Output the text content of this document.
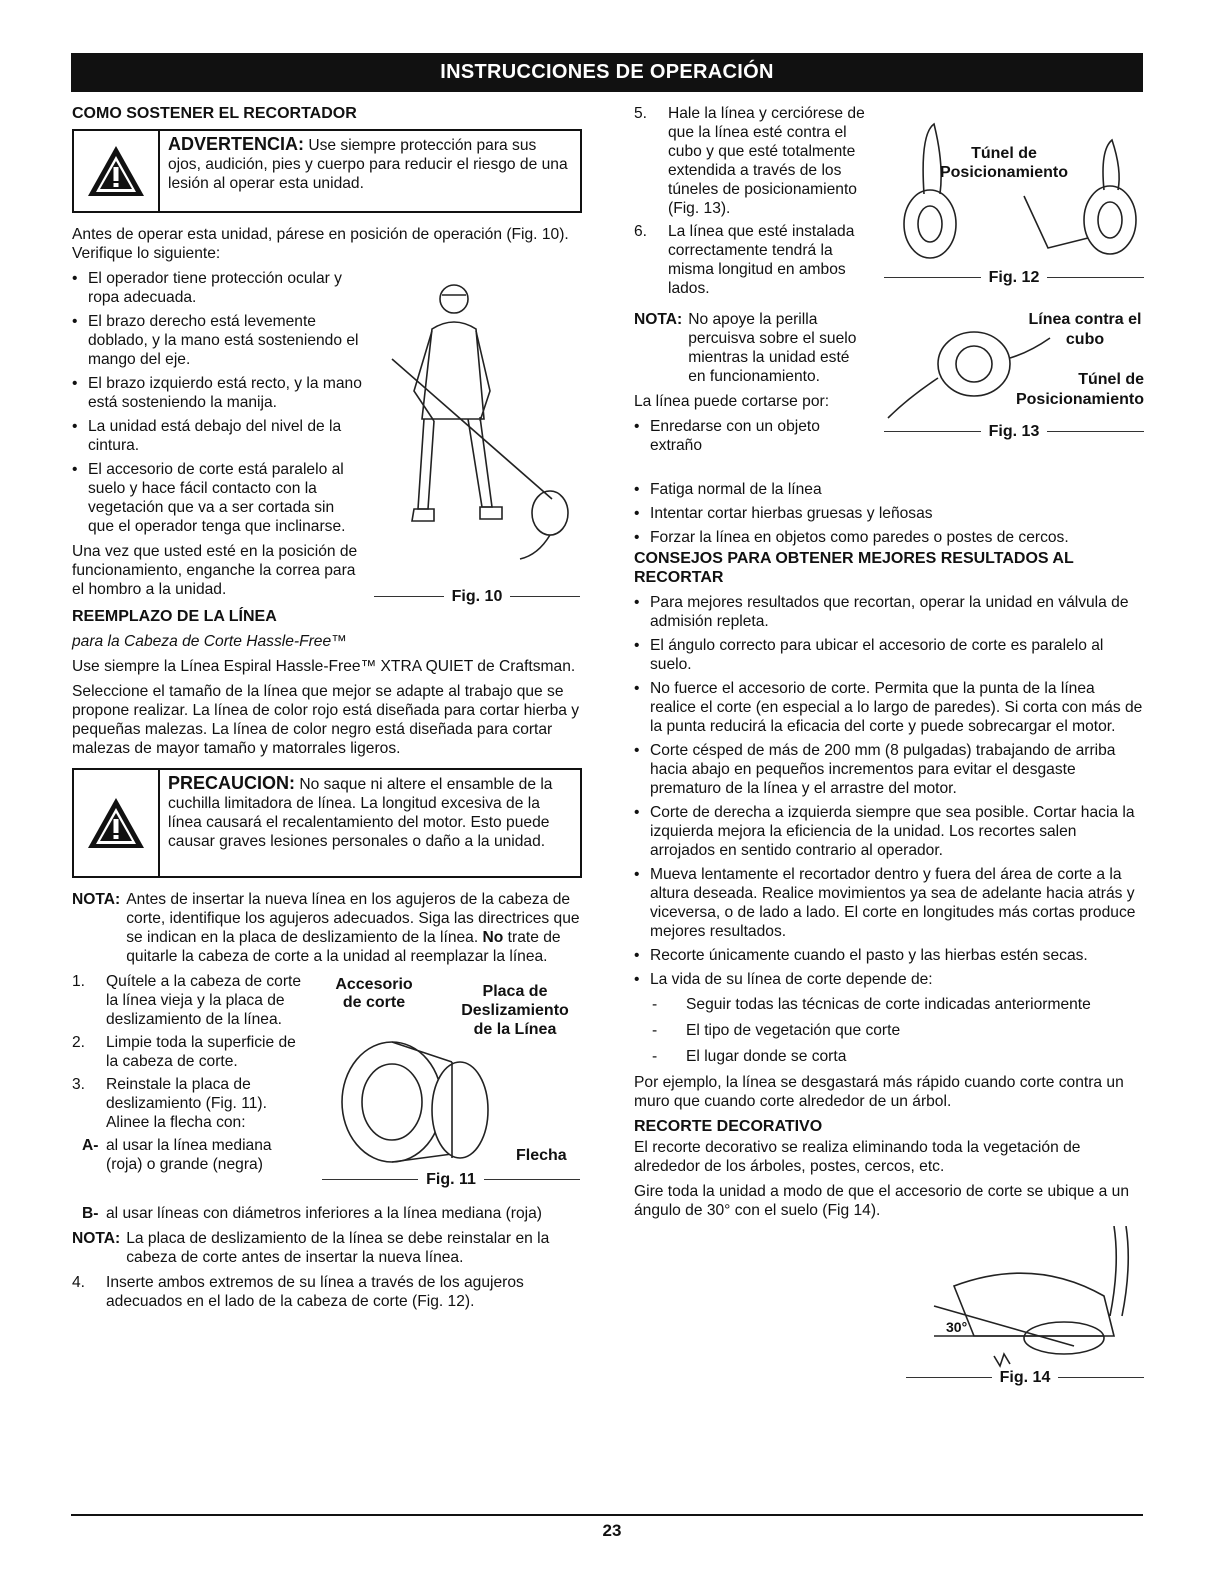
INSTRUCCIONES DE OPERACIÓN
COMO SOSTENER EL RECORTADOR
ADVERTENCIA: Use siempre protección para sus ojos, audición, pies y cuerpo para reducir el riesgo de una lesión al operar esta unidad.

Antes de operar esta unidad, párese en posición de operación (Fig. 10). Verifique lo siguiente:

• El operador tiene protección ocular y ropa adecuada.
• El brazo derecho está levemente doblado, y la mano está sosteniendo el mango del eje.
• El brazo izquierdo está recto, y la mano está sosteniendo la manija.
• La unidad está debajo del nivel de la cintura.
• El accesorio de corte está paralelo al suelo y hace fácil contacto con la vegetación que va a ser cortada sin que el operador tenga que inclinarse.

Una vez que usted esté en la posición de funcionamiento, enganche la correa para el hombro a la unidad.	Fig. 10
REEMPLAZO DE LA LÍNEA

para la Cabeza de Corte Hassle-Free™

Use siempre la Línea Espiral Hassle-Free™ XTRA QUIET de Craftsman.

Seleccione el tamaño de la línea que mejor se adapte al trabajo que se propone realizar. La línea de color rojo está diseñada para cortar hierba y pequeñas malezas. La línea de color negro está diseñada para cortar malezas de mayor tamaño y matorrales ligeros.

PRECAUCION: No saque ni altere el ensamble de la cuchilla limitadora de línea. La longitud excesiva de la línea causará el recalentamiento del motor. Esto puede causar graves lesiones personales o daño a la unidad.
NOTA: Antes de insertar la nueva línea en los agujeros de la cabeza de corte, identifique los agujeros adecuados. Siga las directrices que se indican en la placa de deslizamiento de la línea. No trate de quitarle la cabeza de corte a la unidad al reemplazar la línea.
1.	Quítele a la cabeza de corte la línea vieja y la placa de deslizamiento de la línea.
2.	Limpie toda la superficie de la cabeza de corte.
3.	Reinstale la placa de deslizamiento (Fig. 11). Alinee la flecha con:
A- al usar la línea mediana (roja) o grande (negra)
Accesorio de corte
Placa de Deslizamiento de la Línea
Flecha
Fig. 11
B- al usar líneas con diámetros inferiores a la línea mediana (roja)
NOTA: La placa de deslizamiento de la línea se debe reinstalar en la cabeza de corte antes de insertar la nueva línea.
4.	Inserte ambos extremos de su línea a través de los agujeros adecuados en el lado de la cabeza de corte (Fig. 12).
5.	Hale la línea y cerciórese de que la línea esté contra el cubo y que esté totalmente extendida a través de los túneles de posicionamiento (Fig. 13).
6.	La línea que esté instalada correctamente tendrá la misma longitud en ambos lados.
Túnel de Posicionamiento
Fig. 12
NOTA: No apoye la perilla percuisva sobre el suelo mientras la unidad esté en funcionamiento.

La línea puede cortarse por:

• Enredarse con un objeto extraño
Línea contra el cubo
Túnel de Posicionamiento
Fig. 13
• Fatiga normal de la línea
• Intentar cortar hierbas gruesas y leñosas
• Forzar la línea en objetos como paredes o postes de cercos.
CONSEJOS PARA OBTENER MEJORES RESULTADOS AL RECORTAR
• Para mejores resultados que recortan, operar la unidad en válvula de admisión repleta.
• El ángulo correcto para ubicar el accesorio de corte es paralelo al suelo.
• No fuerce el accesorio de corte. Permita que la punta de la línea realice el corte (en especial a lo largo de paredes). Si corta con más de la punta reducirá la eficacia del corte y puede sobrecargar el motor.
• Corte césped de más de 200 mm (8 pulgadas) trabajando de arriba hacia abajo en pequeños incrementos para evitar el desgaste prematuro de la línea y el arrastre del motor.
• Corte de derecha a izquierda siempre que sea posible. Cortar hacia la izquierda mejora la eficiencia de la unidad. Los recortes salen arrojados en sentido contrario al operador.
• Mueva lentamente el recortador dentro y fuera del área de corte a la altura deseada. Realice movimientos ya sea de adelante hacia atrás y viceversa, o de lado a lado. El corte en longitudes más cortas produce mejores resultados.
• Recorte únicamente cuando el pasto y las hierbas estén secas.
• La vida de su línea de corte depende de:
- Seguir todas las técnicas de corte indicadas anteriormente
- El tipo de vegetación que corte
- El lugar donde se corta

Por ejemplo, la línea se desgastará más rápido cuando corte contra un muro que cuando corte alrededor de un árbol.

RECORTE DECORATIVO

El recorte decorativo se realiza eliminando toda la vegetación de alrededor de los árboles, postes, cercos, etc.

Gire toda la unidad a modo de que el accesorio de corte se ubique a un ángulo de 30° con el suelo (Fig 14).

30°
Fig. 14
23
